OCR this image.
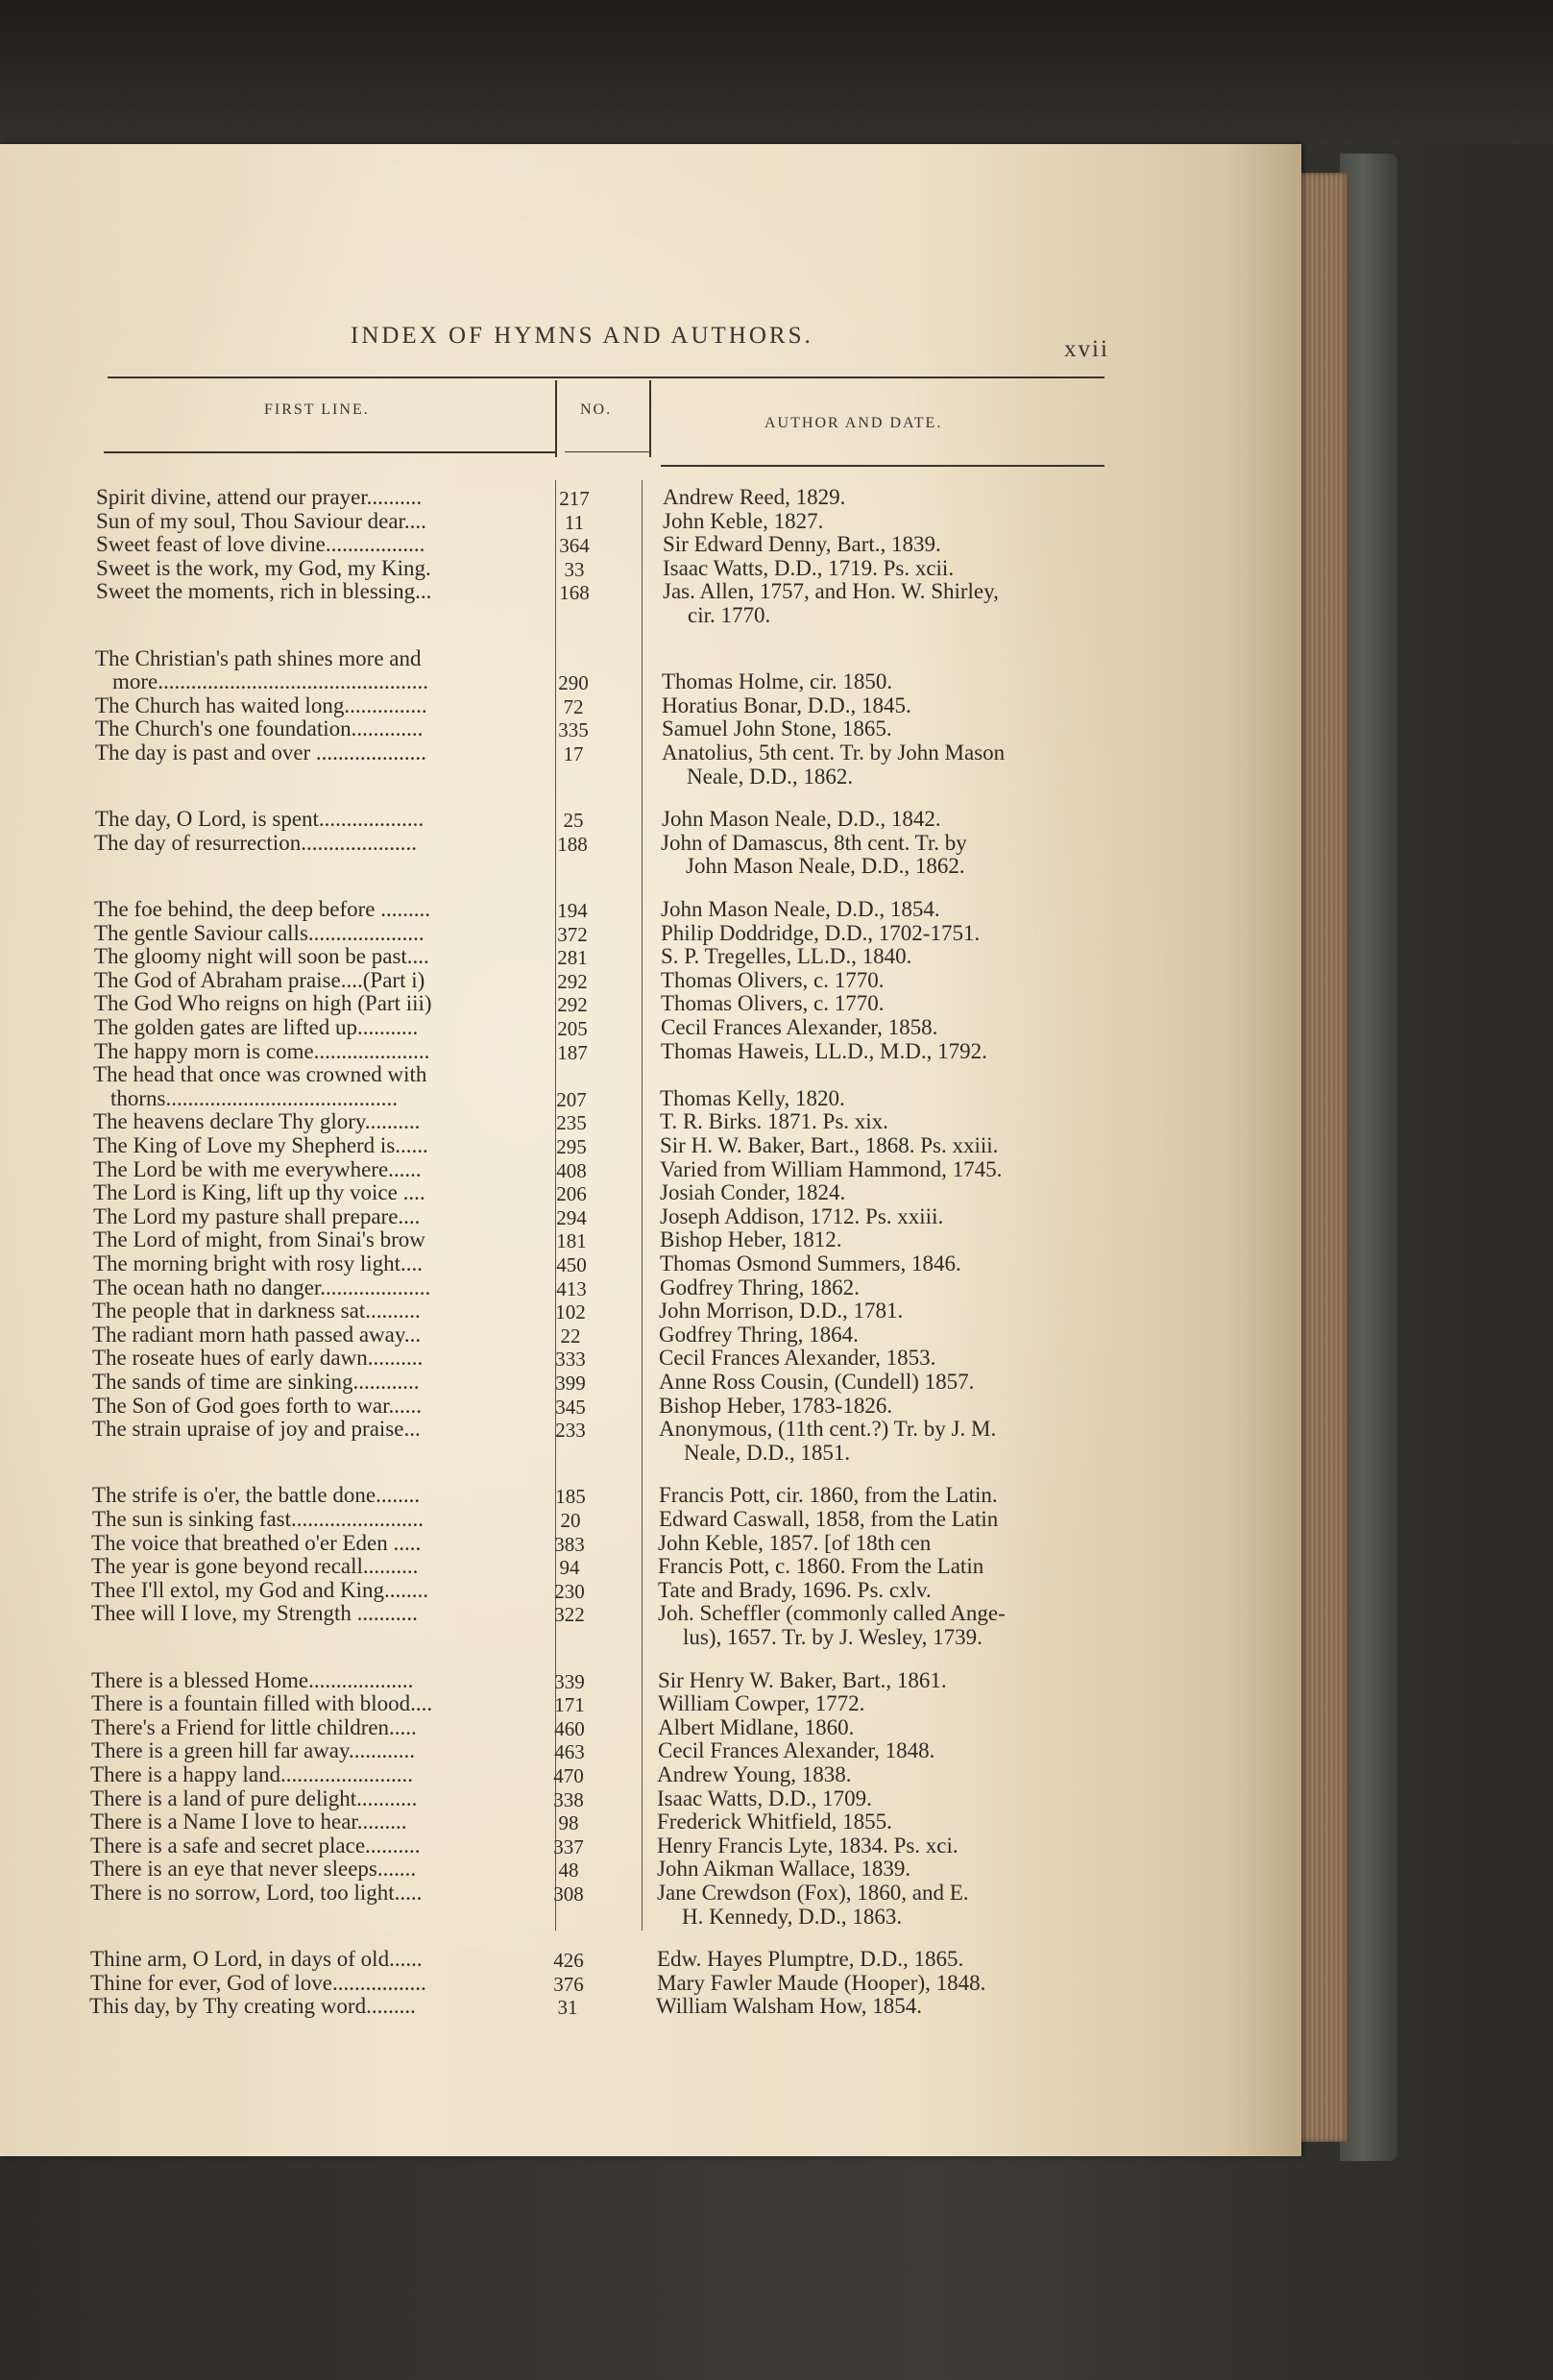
INDEX OF HYMNS AND AUTHORS.
xvii
FIRST LINE.	NO.
AUTHOR AND DATE.
Spirit divine, attend our prayer..........	217	Andrew Reed, 1829.
Sun of my soul, Thou Saviour dear....	11	John Keble, 1827.
Sweet feast of love divine..................	364	Sir Edward Denny, Bart., 1839.
Sweet is the work, my God, my King.	33	Isaac Watts, D.D., 1719. Ps. xcii.
Sweet the moments, rich in blessing...	168	Jas. Allen, 1757, and Hon. W. Shirley,
cir. 1770.
The Christian's path shines more and
more.................................................	290	Thomas Holme, cir. 1850.
The Church has waited long...............	72	Horatius Bonar, D.D., 1845.
The Church's one foundation.............	335	Samuel John Stone, 1865.
The day is past and over ....................	17	Anatolius, 5th cent. Tr. by John Mason
Neale, D.D., 1862.
The day, O Lord, is spent...................	25	John Mason Neale, D.D., 1842.
The day of resurrection.....................	188	John of Damascus, 8th cent. Tr. by
John Mason Neale, D.D., 1862.
The foe behind, the deep before .........	194	John Mason Neale, D.D., 1854.
The gentle Saviour calls.....................	372	Philip Doddridge, D.D., 1702-1751.
The gloomy night will soon be past....	281	S. P. Tregelles, LL.D., 1840.
The God of Abraham praise....(Part i)	292	Thomas Olivers, c. 1770.
The God Who reigns on high (Part iii)	292	Thomas Olivers, c. 1770.
The golden gates are lifted up...........	205	Cecil Frances Alexander, 1858.
The happy morn is come.....................	187	Thomas Haweis, LL.D., M.D., 1792.
The head that once was crowned with
thorns..........................................	207	Thomas Kelly, 1820.
The heavens declare Thy glory..........	235	T. R. Birks. 1871. Ps. xix.
The King of Love my Shepherd is......	295	Sir H. W. Baker, Bart., 1868. Ps. xxiii.
The Lord be with me everywhere......	408	Varied from William Hammond, 1745.
The Lord is King, lift up thy voice ....	206	Josiah Conder, 1824.
The Lord my pasture shall prepare....	294	Joseph Addison, 1712. Ps. xxiii.
The Lord of might, from Sinai's brow	181	Bishop Heber, 1812.
The morning bright with rosy light....	450	Thomas Osmond Summers, 1846.
The ocean hath no danger....................	413	Godfrey Thring, 1862.
The people that in darkness sat..........	102	John Morrison, D.D., 1781.
The radiant morn hath passed away...	22	Godfrey Thring, 1864.
The roseate hues of early dawn..........	333	Cecil Frances Alexander, 1853.
The sands of time are sinking............	399	Anne Ross Cousin, (Cundell) 1857.
The Son of God goes forth to war......	345	Bishop Heber, 1783-1826.
The strain upraise of joy and praise...	233	Anonymous, (11th cent.?) Tr. by J. M.
Neale, D.D., 1851.
The strife is o'er, the battle done........	185	Francis Pott, cir. 1860, from the Latin.
The sun is sinking fast........................	20	Edward Caswall, 1858, from the Latin
The voice that breathed o'er Eden .....	383	John Keble, 1857. [of 18th cen
The year is gone beyond recall..........	94	Francis Pott, c. 1860. From the Latin
Thee I'll extol, my God and King........	230	Tate and Brady, 1696. Ps. cxlv.
Thee will I love, my Strength ...........	322	Joh. Scheffler (commonly called Ange-
lus), 1657. Tr. by J. Wesley, 1739.
There is a blessed Home...................	339	Sir Henry W. Baker, Bart., 1861.
There is a fountain filled with blood....	171	William Cowper, 1772.
There's a Friend for little children.....	460	Albert Midlane, 1860.
There is a green hill far away............	463	Cecil Frances Alexander, 1848.
There is a happy land........................	470	Andrew Young, 1838.
There is a land of pure delight...........	338	Isaac Watts, D.D., 1709.
There is a Name I love to hear.........	98	Frederick Whitfield, 1855.
There is a safe and secret place..........	337	Henry Francis Lyte, 1834. Ps. xci.
There is an eye that never sleeps.......	48	John Aikman Wallace, 1839.
There is no sorrow, Lord, too light.....	308	Jane Crewdson (Fox), 1860, and E.
H. Kennedy, D.D., 1863.
Thine arm, O Lord, in days of old......	426	Edw. Hayes Plumptre, D.D., 1865.
Thine for ever, God of love.................	376	Mary Fawler Maude (Hooper), 1848.
This day, by Thy creating word.........	31	William Walsham How, 1854.
